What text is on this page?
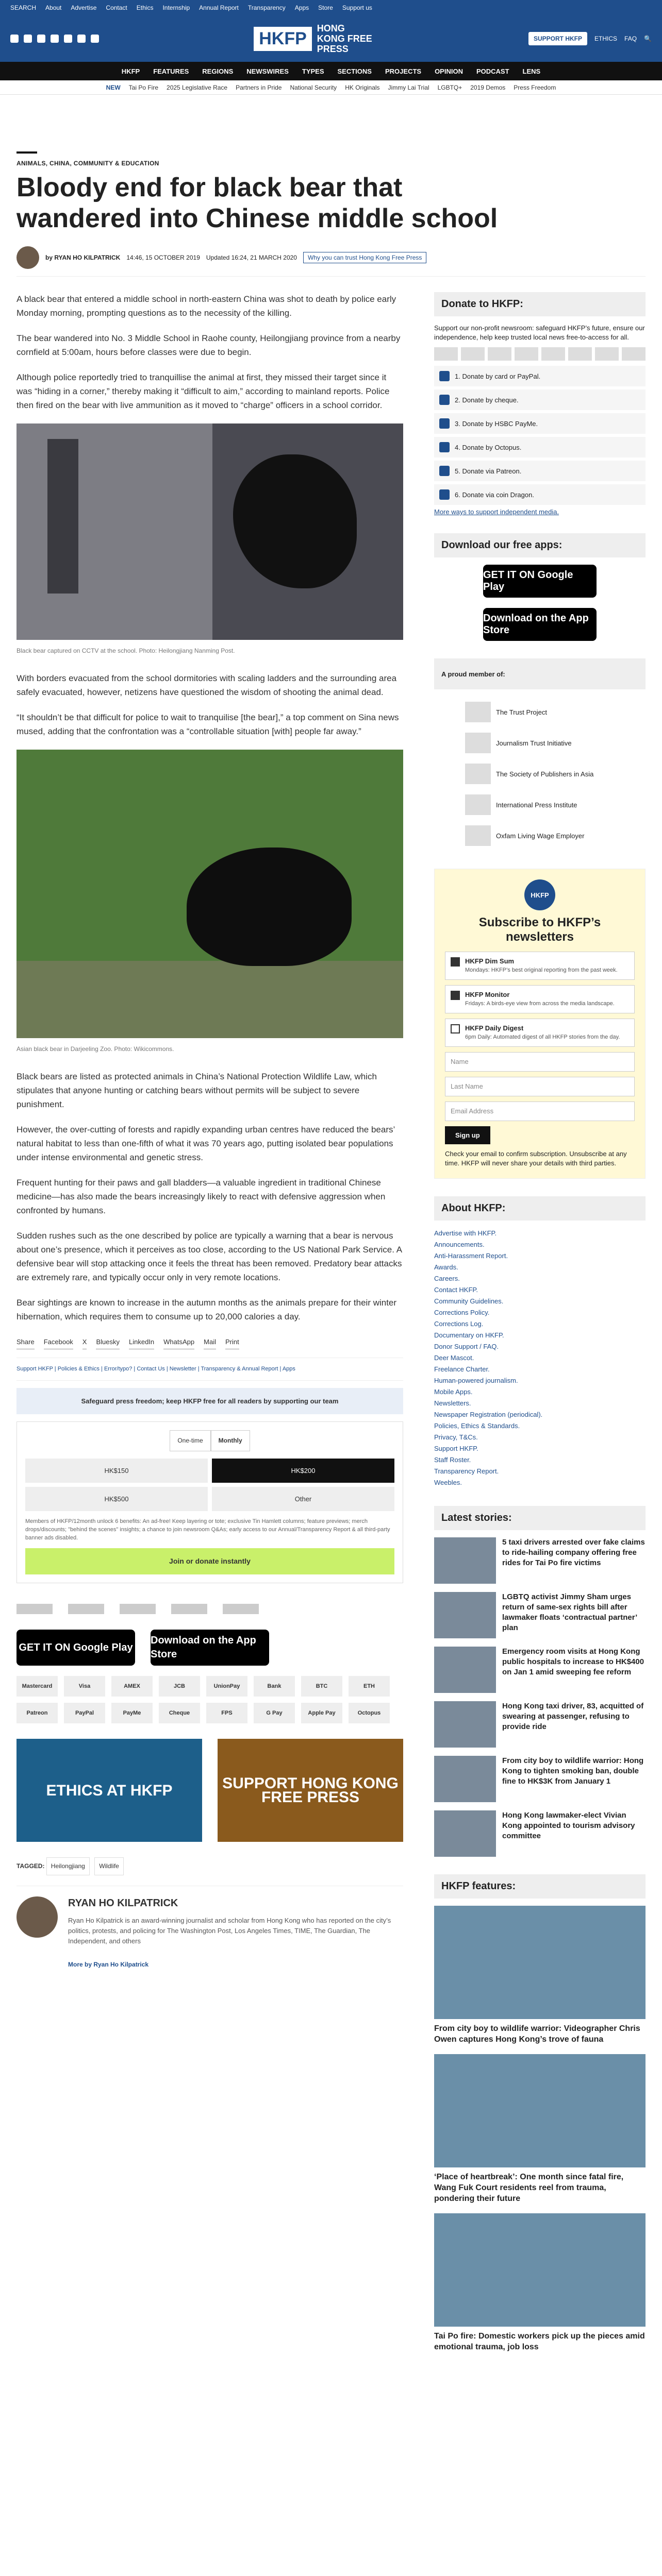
SEARCH About Advertise Contact Ethics Internship Annual Report Transparency Apps Store Support us
HKFP
HONG KONG FREE PRESS
SUPPORT HKFP	ETHICS FAQ 🔍
HKFP FEATURES REGIONS NEWSWIRES TYPES SECTIONS PROJECTS OPINION PODCAST LENS
NEW Tai Po Fire 2025 Legislative Race Partners in Pride National Security HK Originals Jimmy Lai Trial LGBTQ+ 2019 Demos Press Freedom
ANIMALS, CHINA, COMMUNITY & EDUCATION
Bloody end for black bear that wandered into Chinese middle school
by RYAN HO KILPATRICK 14:46, 15 OCTOBER 2019 Updated 16:24, 21 MARCH 2020	Why you can trust Hong Kong Free Press

A black bear that entered a middle school in north-eastern China was shot to death by police early Monday morning, prompting questions as to the necessity of the killing.

The bear wandered into No. 3 Middle School in Raohe county, Heilongjiang province from a nearby cornfield at 5:00am, hours before classes were due to begin.

Although police reportedly tried to tranquillise the animal at first, they missed their target since it was “hiding in a corner,” thereby making it “difficult to aim,” according to mainland reports. Police then fired on the bear with live ammunition as it moved to “charge” officers in a school corridor.

Black bear captured on CCTV at the school. Photo: Heilongjiang Nanming Post.

With borders evacuated from the school dormitories with scaling ladders and the surrounding area safely evacuated, however, netizens have questioned the wisdom of shooting the animal dead.

“It shouldn’t be that difficult for police to wait to tranquilise [the bear],” a top comment on Sina news mused, adding that the confrontation was a “controllable situation [with] people far away.”

Asian black bear in Darjeeling Zoo. Photo: Wikicommons.

Black bears are listed as protected animals in China’s National Protection Wildlife Law, which stipulates that anyone hunting or catching bears without permits will be subject to severe punishment.

However, the over-cutting of forests and rapidly expanding urban centres have reduced the bears’ natural habitat to less than one-fifth of what it was 70 years ago, putting isolated bear populations under intense environmental and genetic stress.

Frequent hunting for their paws and gall bladders—a valuable ingredient in traditional Chinese medicine—has also made the bears increasingly likely to react with defensive aggression when confronted by humans.

Sudden rushes such as the one described by police are typically a warning that a bear is nervous about one’s presence, which it perceives as too close, according to the US National Park Service. A defensive bear will stop attacking once it feels the threat has been removed. Predatory bear attacks are extremely rare, and typically occur only in very remote locations.

Bear sightings are known to increase in the autumn months as the animals prepare for their winter hibernation, which requires them to consume up to 20,000 calories a day.

Share Facebook X Bluesky LinkedIn WhatsApp Mail Print
Support HKFP | Policies & Ethics | Error/typo? | Contact Us | Newsletter | Transparency & Annual Report | Apps
Safeguard press freedom; keep HKFP free for all readers by supporting our team
One-time	Monthly
HK$150	HK$200
HK$500	Other
Members of HKFP/12month unlock 6 benefits: An ad-free! Keep layering or tote; exclusive Tin Hamlett columns; feature previews; merch drops/discounts; "behind the scenes" insights; a chance to join newsroom Q&As; early access to our Annual/Transparency Report & all third-party banner ads disabled.
Join or donate instantly
GET IT ON Google Play
Download on the App Store
Mastercard	Visa	AMEX	JCB	UnionPay	Bank	BTC	ETH
Patreon	PayPal	PayMe	Cheque	FPS	G Pay	Apple Pay	Octopus
ETHICS AT HKFP	SUPPORT HONG KONG FREE PRESS
TAGGED: Heilongjiang Wildlife
RYAN HO KILPATRICK

Ryan Ho Kilpatrick is an award-winning journalist and scholar from Hong Kong who has reported on the city’s politics, protests, and policing for The Washington Post, Los Angeles Times, TIME, The Guardian, The Independent, and others

More by Ryan Ho Kilpatrick
Donate to HKFP:

Support our non-profit newsroom: safeguard HKFP’s future, ensure our independence, help keep trusted local news free-to-access for all.

1. Donate by card or PayPal.
2. Donate by cheque.
3. Donate by HSBC PayMe.
4. Donate by Octopus.
5. Donate via Patreon.
6. Donate via coin Dragon.
More ways to support independent media.
Download our free apps:
GET IT ON Google Play
Download on the App Store
A proud member of:
The Trust Project
Journalism Trust Initiative
The Society of Publishers in Asia
International Press Institute
Oxfam Living Wage Employer
HKFP
Subscribe to HKFP’s newsletters
HKFP Dim Sum
Mondays: HKFP’s best original reporting from the past week.
HKFP Monitor
Fridays: A birds-eye view from across the media landscape.
HKFP Daily Digest
6pm Daily: Automated digest of all HKFP stories from the day.
Name
Last Name
Email Address
Sign up

Check your email to confirm subscription. Unsubscribe at any time. HKFP will never share your details with third parties.

About HKFP:
Advertise with HKFP.
Announcements.
Anti-Harassment Report.
Awards.
Careers.
Contact HKFP.
Community Guidelines.
Corrections Policy.
Corrections Log.
Documentary on HKFP.
Donor Support / FAQ.
Deer Mascot.
Freelance Charter.
Human-powered journalism.
Mobile Apps.
Newsletters.
Newspaper Registration (periodical).
Policies, Ethics & Standards.
Privacy, T&Cs.
Support HKFP.
Staff Roster.
Transparency Report.
Weebles.
Latest stories:
5 taxi drivers arrested over fake claims to ride-hailing company offering free rides for Tai Po fire victims
LGBTQ activist Jimmy Sham urges return of same-sex rights bill after lawmaker floats ‘contractual partner’ plan
Emergency room visits at Hong Kong public hospitals to increase to HK$400 on Jan 1 amid sweeping fee reform
Hong Kong taxi driver, 83, acquitted of swearing at passenger, refusing to provide ride
From city boy to wildlife warrior: Hong Kong to tighten smoking ban, double fine to HK$3K from January 1
Hong Kong lawmaker-elect Vivian Kong appointed to tourism advisory committee
HKFP features:
From city boy to wildlife warrior: Videographer Chris Owen captures Hong Kong’s trove of fauna
‘Place of heartbreak’: One month since fatal fire, Wang Fuk Court residents reel from trauma, pondering their future
Tai Po fire: Domestic workers pick up the pieces amid emotional trauma, job loss
